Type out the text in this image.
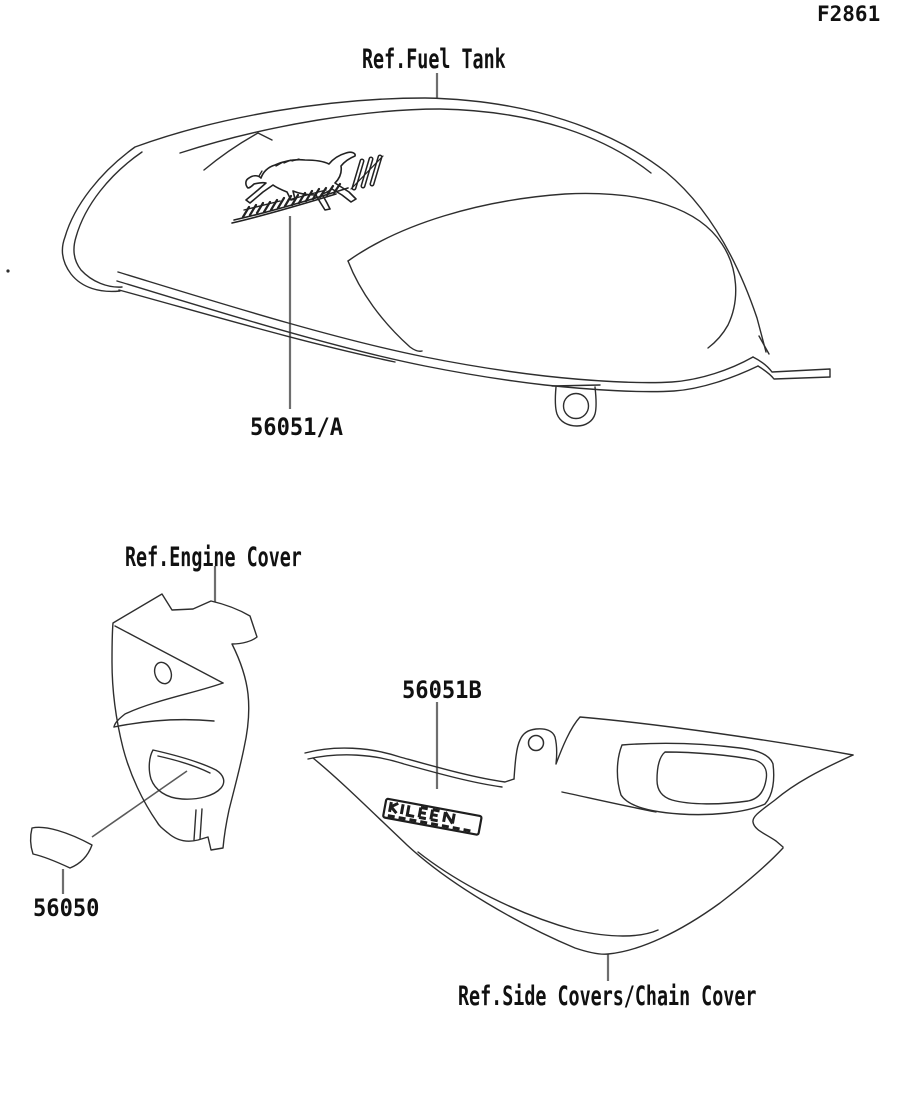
F2861
Ref.Fuel Tank
56051/A
Ref.Engine Cover
56051B
56050
Ref.Side Covers/Chain Cover
